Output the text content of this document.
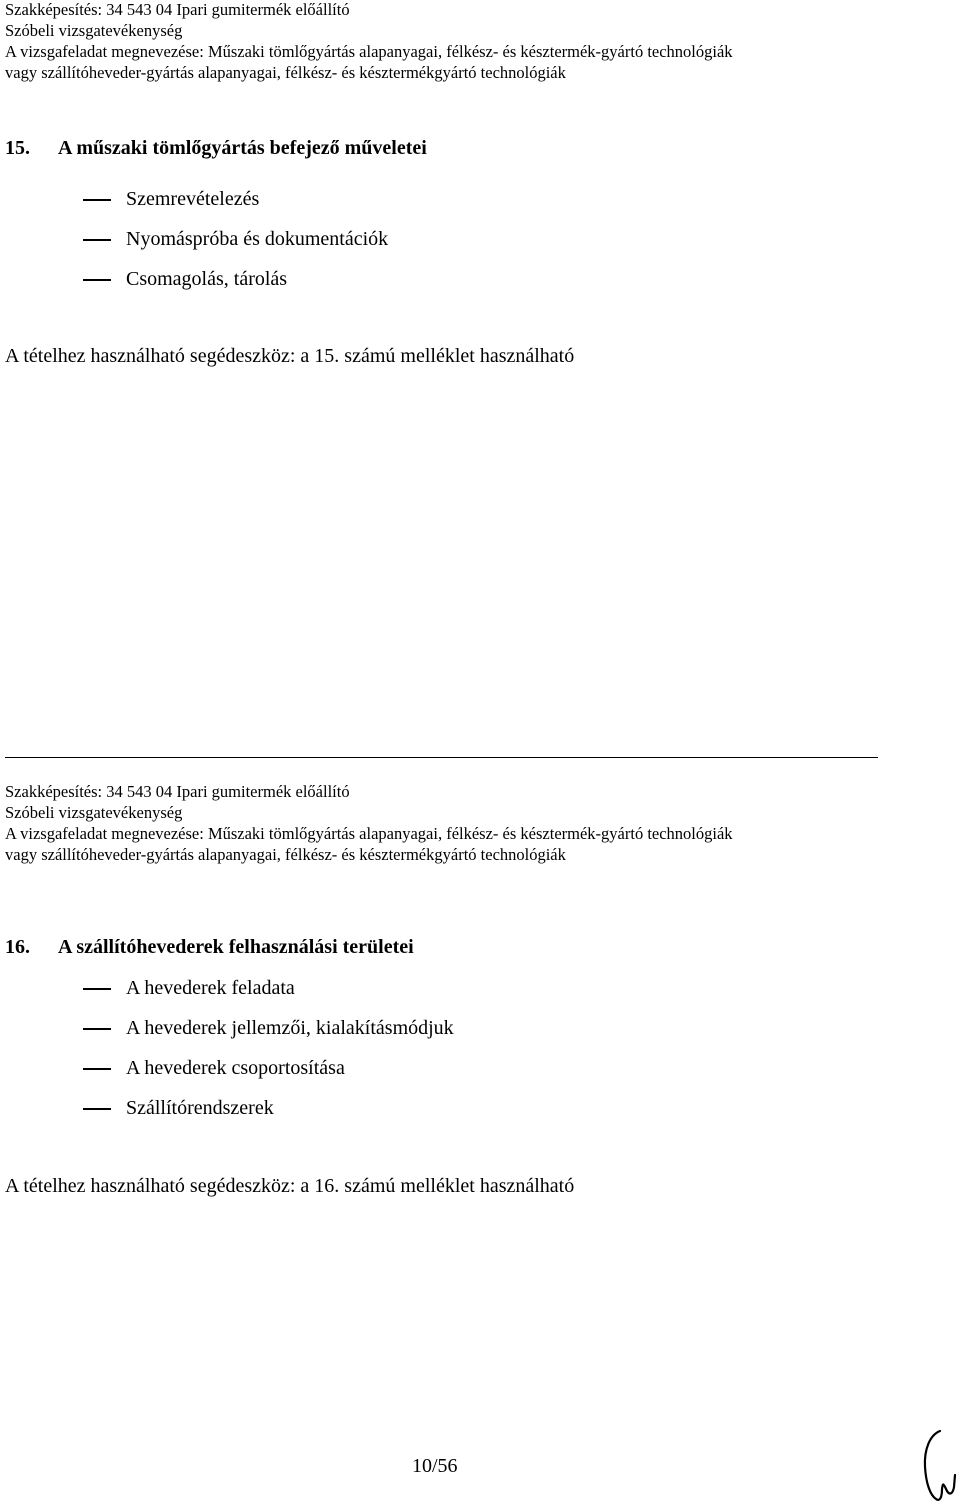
Szakképesítés: 34 543 04 Ipari gumitermék előállító
Szóbeli vizsgatevékenység
A vizsgafeladat megnevezése: Műszaki tömlőgyártás alapanyagai, félkész- és késztermék-gyártó technológiák
vagy szállítóheveder-gyártás alapanyagai, félkész- és késztermékgyártó technológiák
15. A műszaki tömlőgyártás befejező műveletei
Szemrevételezés
Nyomáspróba és dokumentációk
Csomagolás, tárolás
A tételhez használható segédeszköz: a 15. számú melléklet használható
Szakképesítés: 34 543 04 Ipari gumitermék előállító
Szóbeli vizsgatevékenység
A vizsgafeladat megnevezése: Műszaki tömlőgyártás alapanyagai, félkész- és késztermék-gyártó technológiák
vagy szállítóheveder-gyártás alapanyagai, félkész- és késztermékgyártó technológiák
16. A szállítóhevederek felhasználási területei
A hevederek feladata
A hevederek jellemzői, kialakításmódjuk
A hevederek csoportosítása
Szállítórendszerek
A tételhez használható segédeszköz: a 16. számú melléklet használható
10/56
